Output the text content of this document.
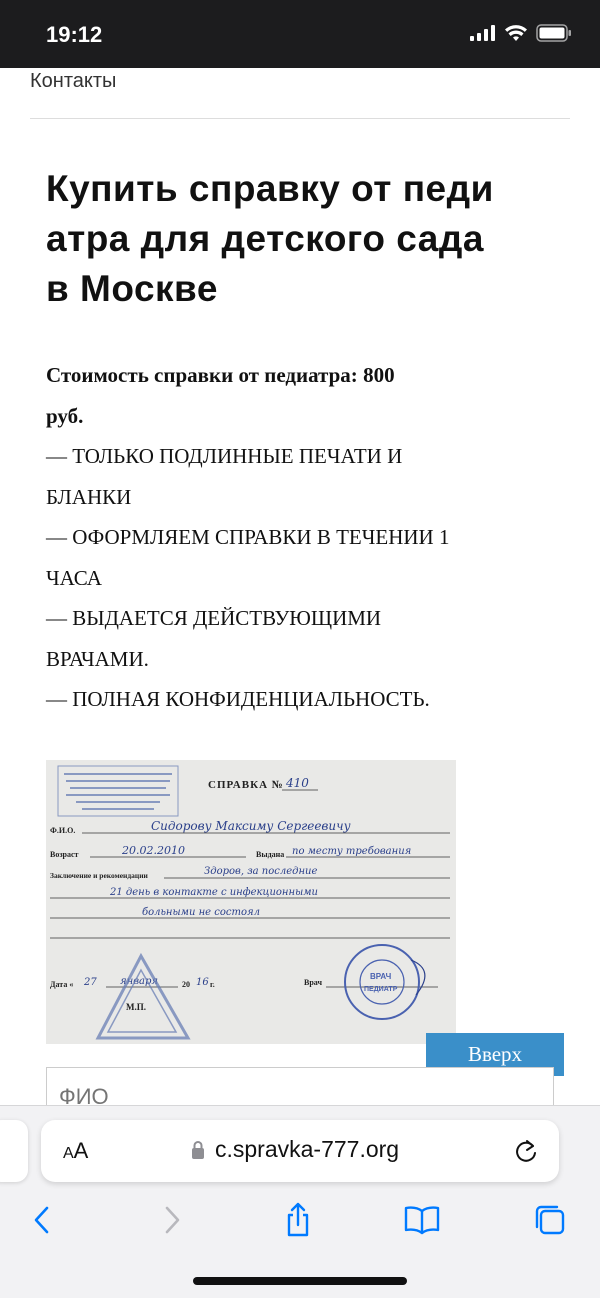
19:12
Контакты
Купить справку от педи
атра для детского сада
в Москве
Стоимость справки от педиатра: 800
руб.
— ТОЛЬКО ПОДЛИННЫЕ ПЕЧАТИ И
БЛАНКИ
— ОФОРМЛЯЕМ СПРАВКИ В ТЕЧЕНИИ 1
ЧАСА
— ВЫДАЕТСЯ ДЕЙСТВУЮЩИМИ
ВРАЧАМИ.
— ПОЛНАЯ КОНФИДЕНЦИАЛЬНОСТЬ.
СПРАВКА № 410
Ф.И.О.	Сидорову Максиму Сергеевичу
Возраст	20.02.2010	Выдана по месту требования
Заключение и рекомендации	Здоров, за последние
21 день в контакте с инфекционными
больными не состоял
Дата « 27 января	20 16 г.
М.П.
Врач
ВРАЧ
ПЕДИАТР
Вверх
ФИО
AA	c.spravka-777.org
